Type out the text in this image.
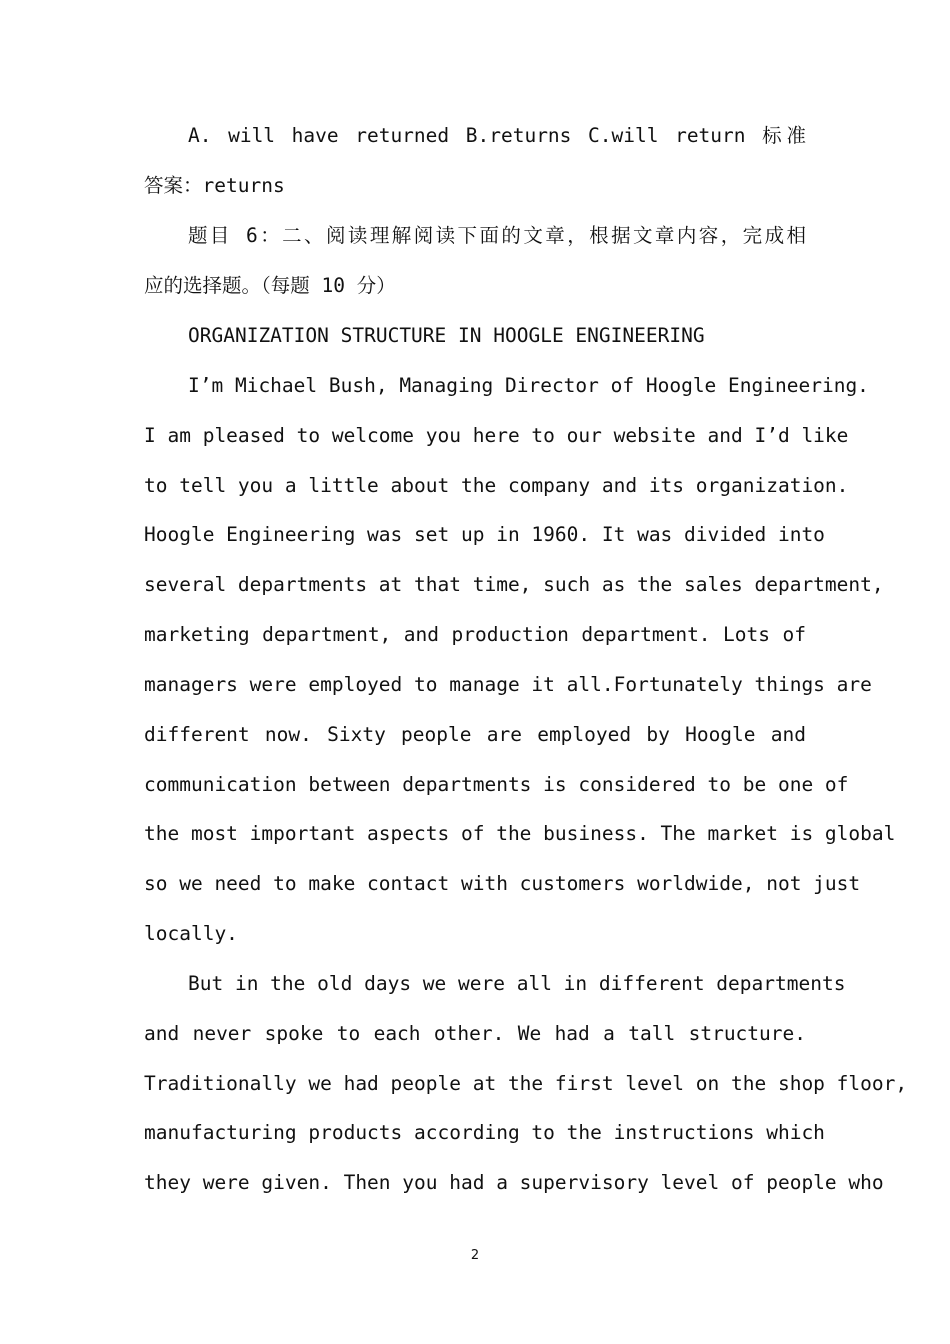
A. will have returned B.returns C.will return 标准
答案：returns
题目 6：二、阅读理解阅读下面的文章，根据文章内容，完成相
应的选择题。（每题 10 分）
ORGANIZATION STRUCTURE IN HOOGLE ENGINEERING
I’m Michael Bush, Managing Director of Hoogle Engineering.
I am pleased to welcome you here to our website and I’d like
to tell you a little about the company and its organization.
Hoogle Engineering was set up in 1960. It was divided into
several departments at that time, such as the sales department,
marketing department, and production department. Lots of
managers were employed to manage it all.Fortunately things are
different now. Sixty people are employed by Hoogle and
communication between departments is considered to be one of
the most important aspects of the business. The market is global
so we need to make contact with customers worldwide, not just
locally.
But in the old days we were all in different departments
and never spoke to each other. We had a tall structure.
Traditionally we had people at the first level on the shop floor,
manufacturing products according to the instructions which
they were given. Then you had a supervisory level of people who
2
